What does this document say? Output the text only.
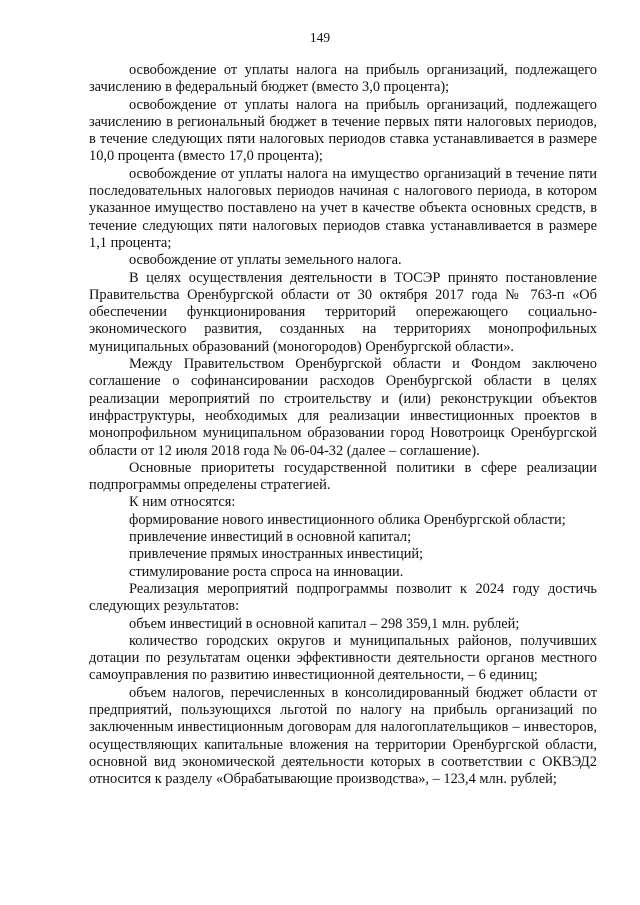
149

освобождение от уплаты налога на прибыль организаций, подлежащего зачислению в федеральный бюджет (вместо 3,0 процента);

освобождение от уплаты налога на прибыль организаций, подлежащего зачислению в региональный бюджет в течение первых пяти налоговых периодов, в течение следующих пяти налоговых периодов ставка устанавливается в размере 10,0 процента (вместо 17,0 процента);

освобождение от уплаты налога на имущество организаций в течение пяти последовательных налоговых периодов начиная с налогового периода, в котором указанное имущество поставлено на учет в качестве объекта основных средств, в течение следующих пяти налоговых периодов ставка устанавливается в размере 1,1 процента;

освобождение от уплаты земельного налога.

В целях осуществления деятельности в ТОСЭР принято постановление Правительства Оренбургской области от 30 октября 2017 года № 763-п «Об обеспечении функционирования территорий опережающего социально-экономического развития, созданных на территориях монопрофильных муниципальных образований (моногородов) Оренбургской области».

Между Правительством Оренбургской области и Фондом заключено соглашение о софинансировании расходов Оренбургской области в целях реализации мероприятий по строительству и (или) реконструкции объектов инфраструктуры, необходимых для реализации инвестиционных проектов в монопрофильном муниципальном образовании город Новотроицк Оренбургской области от 12 июля 2018 года № 06-04-32 (далее – соглашение).

Основные приоритеты государственной политики в сфере реализации подпрограммы определены стратегией.

К ним относятся:

формирование нового инвестиционного облика Оренбургской области;

привлечение инвестиций в основной капитал;

привлечение прямых иностранных инвестиций;

стимулирование роста спроса на инновации.

Реализация мероприятий подпрограммы позволит к 2024 году достичь следующих результатов:

объем инвестиций в основной капитал – 298 359,1 млн. рублей;

количество городских округов и муниципальных районов, получивших дотации по результатам оценки эффективности деятельности органов местного самоуправления по развитию инвестиционной деятельности, – 6 единиц;

объем налогов, перечисленных в консолидированный бюджет области от предприятий, пользующихся льготой по налогу на прибыль организаций по заключенным инвестиционным договорам для налогоплательщиков – инвесторов, осуществляющих капитальные вложения на территории Оренбургской области, основной вид экономической деятельности которых в соответствии с ОКВЭД2 относится к разделу «Обрабатывающие производства», – 123,4 млн. рублей;
